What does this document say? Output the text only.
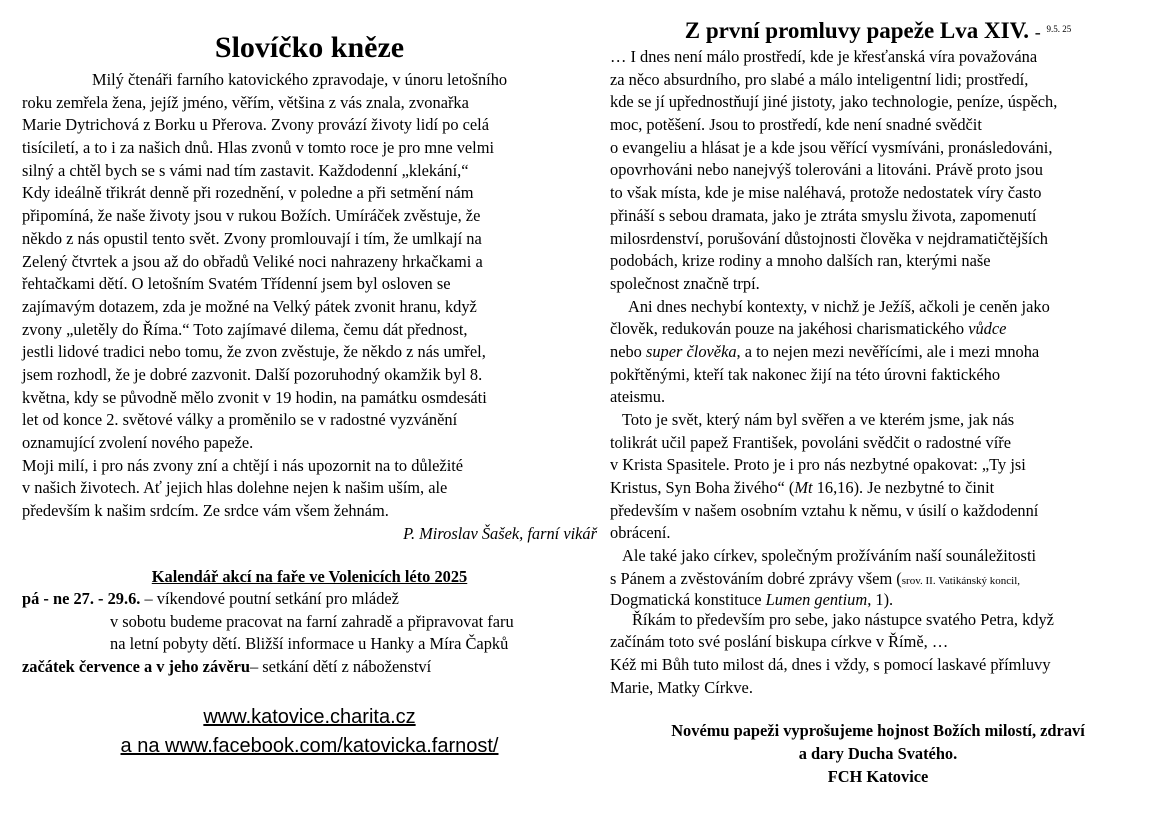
Slovíčko kněze
Milý čtenáři farního katovického zpravodaje, v únoru letošního
roku zemřela žena, jejíž jméno, věřím, většina z vás znala, zvonařka
Marie Dytrichová z Borku u Přerova. Zvony provází životy lidí po celá
tisíciletí, a to i za našich dnů. Hlas zvonů v tomto roce je pro mne velmi
silný a chtěl bych se s vámi nad tím zastavit. Každodenní „klekání,“
Kdy ideálně třikrát denně při rozednění, v poledne a při setmění nám
připomíná, že naše životy jsou v rukou Božích. Umíráček zvěstuje, že
někdo z nás opustil tento svět. Zvony promlouvají i tím, že umlkají na
Zelený čtvrtek a jsou až do obřadů Veliké noci nahrazeny hrkačkami a
řehtačkami dětí. O letošním Svatém Třídenní jsem byl osloven se
zajímavým dotazem, zda je možné na Velký pátek zvonit hranu, když
zvony „uletěly do Říma.“ Toto zajímavé dilema, čemu dát přednost,
jestli lidové tradici nebo tomu, že zvon zvěstuje, že někdo z nás umřel,
jsem rozhodl, že je dobré zazvonit. Další pozoruhodný okamžik byl 8.
května, kdy se původně mělo zvonit v 19 hodin, na památku osmdesáti
let od konce 2. světové války a proměnilo se v radostné vyzvánění
oznamující zvolení nového papeže.
Moji milí, i pro nás zvony zní a chtějí i nás upozornit na to důležité
v našich životech. Ať jejich hlas dolehne nejen k našim uším, ale
především k našim srdcím. Ze srdce vám všem žehnám.
P. Miroslav Šašek, farní vikář
Kalendář akcí na faře ve Volenicích léto 2025
pá - ne 27. - 29.6. – víkendové poutní setkání pro mládež
v sobotu budeme pracovat na farní zahradě a připravovat faru
na letní pobyty dětí. Bližší informace u Hanky a Míra Čapků
začátek července a v jeho závěru– setkání dětí z náboženství
www.katovice.charita.cz
a na www.facebook.com/katovicka.farnost/
Z první promluvy papeže Lva XIV. - $^{9.5. 25}$
… I dnes není málo prostředí, kde je křesťanská víra považována
za něco absurdního, pro slabé a málo inteligentní lidi; prostředí,
kde se jí upřednostňují jiné jistoty, jako technologie, peníze, úspěch,
moc, potěšení. Jsou to prostředí, kde není snadné svědčit
o evangeliu a hlásat je a kde jsou věřící vysmíváni, pronásledováni,
opovrhováni nebo nanejvýš tolerováni a litováni. Právě proto jsou
to však místa, kde je mise naléhavá, protože nedostatek víry často
přináší s sebou dramata, jako je ztráta smyslu života, zapomenutí
milosrdenství, porušování důstojnosti člověka v nejdramatičtějších
podobách, krize rodiny a mnoho dalších ran, kterými naše
společnost značně trpí.
Ani dnes nechybí kontexty, v nichž je Ježíš, ačkoli je ceněn jako
člověk, redukován pouze na jakéhosi charismatického vůdce
nebo super člověka, a to nejen mezi nevěřícími, ale i mezi mnoha
pokřtěnými, kteří tak nakonec žijí na této úrovni faktického
ateismu.
Toto je svět, který nám byl svěřen a ve kterém jsme, jak nás
tolikrát učil papež František, povoláni svědčit o radostné víře
v Krista Spasitele. Proto je i pro nás nezbytné opakovat: „Ty jsi
Kristus, Syn Boha živého“ (Mt 16,16). Je nezbytné to činit
především v našem osobním vztahu k němu, v úsilí o každodenní
obrácení.
Ale také jako církev, společným prožíváním naší sounáležitosti
s Pánem a zvěstováním dobré zprávy všem (srov. II. Vatikánský koncil,
Dogmatická konstituce Lumen gentium, 1).
Říkám to především pro sebe, jako nástupce svatého Petra, když
začínám toto své poslání biskupa církve v Římě, …
Kéž mi Bůh tuto milost dá, dnes i vždy, s pomocí laskavé přímluvy
Marie, Matky Církve.
Novému papeži vyprošujeme hojnost Božích milostí, zdraví
a dary Ducha Svatého.
FCH Katovice
